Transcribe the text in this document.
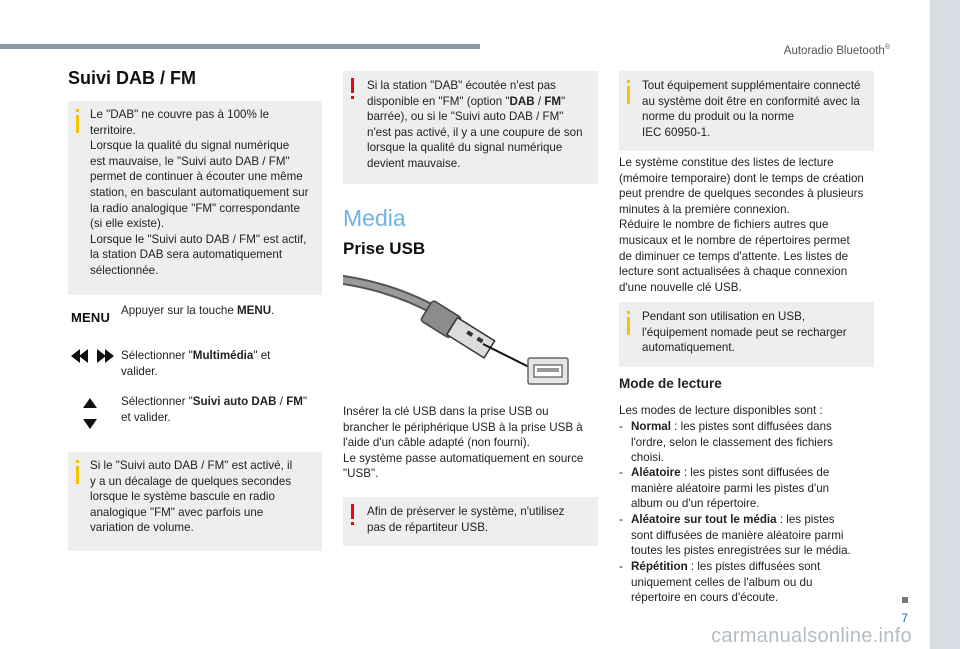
Autoradio Bluetooth®
Suivi DAB / FM
Le "DAB" ne couvre pas à 100% le
territoire.
Lorsque la qualité du signal numérique
est mauvaise, le "Suivi auto DAB / FM"
permet de continuer à écouter une même
station, en basculant automatiquement sur
la radio analogique "FM" correspondante
(si elle existe).
Lorsque le "Suivi auto DAB / FM" est actif,
la station DAB sera automatiquement
sélectionnée.
MENU Appuyer sur la touche MENU.
Sélectionner "Multimédia" et
valider.
Sélectionner "Suivi auto DAB / FM"
et valider.
Si le "Suivi auto DAB / FM" est activé, il
y a un décalage de quelques secondes
lorsque le système bascule en radio
analogique "FM" avec parfois une
variation de volume.
Si la station "DAB" écoutée n'est pas
disponible en "FM" (option "DAB / FM"
barrée), ou si le "Suivi auto DAB / FM"
n'est pas activé, il y a une coupure de son
lorsque la qualité du signal numérique
devient mauvaise.
Media
Prise USB
Insérer la clé USB dans la prise USB ou
brancher le périphérique USB à la prise USB à
l'aide d'un câble adapté (non fourni).
Le système passe automatiquement en source
"USB".
Afin de préserver le système, n'utilisez
pas de répartiteur USB.
Tout équipement supplémentaire connecté
au système doit être en conformité avec la
norme du produit ou la norme
IEC 60950-1.
Le système constitue des listes de lecture
(mémoire temporaire) dont le temps de création
peut prendre de quelques secondes à plusieurs
minutes à la première connexion.
Réduire le nombre de fichiers autres que
musicaux et le nombre de répertoires permet
de diminuer ce temps d'attente. Les listes de
lecture sont actualisées à chaque connexion
d'une nouvelle clé USB.
Pendant son utilisation en USB,
l'équipement nomade peut se recharger
automatiquement.
Mode de lecture
Les modes de lecture disponibles sont :
- Normal : les pistes sont diffusées dans
l'ordre, selon le classement des fichiers
choisi.
- Aléatoire : les pistes sont diffusées de
manière aléatoire parmi les pistes d'un
album ou d'un répertoire.
- Aléatoire sur tout le média : les pistes
sont diffusées de manière aléatoire parmi
toutes les pistes enregistrées sur le média.
- Répétition : les pistes diffusées sont
uniquement celles de l'album ou du
répertoire en cours d'écoute.
7
carmanualsonline.info
